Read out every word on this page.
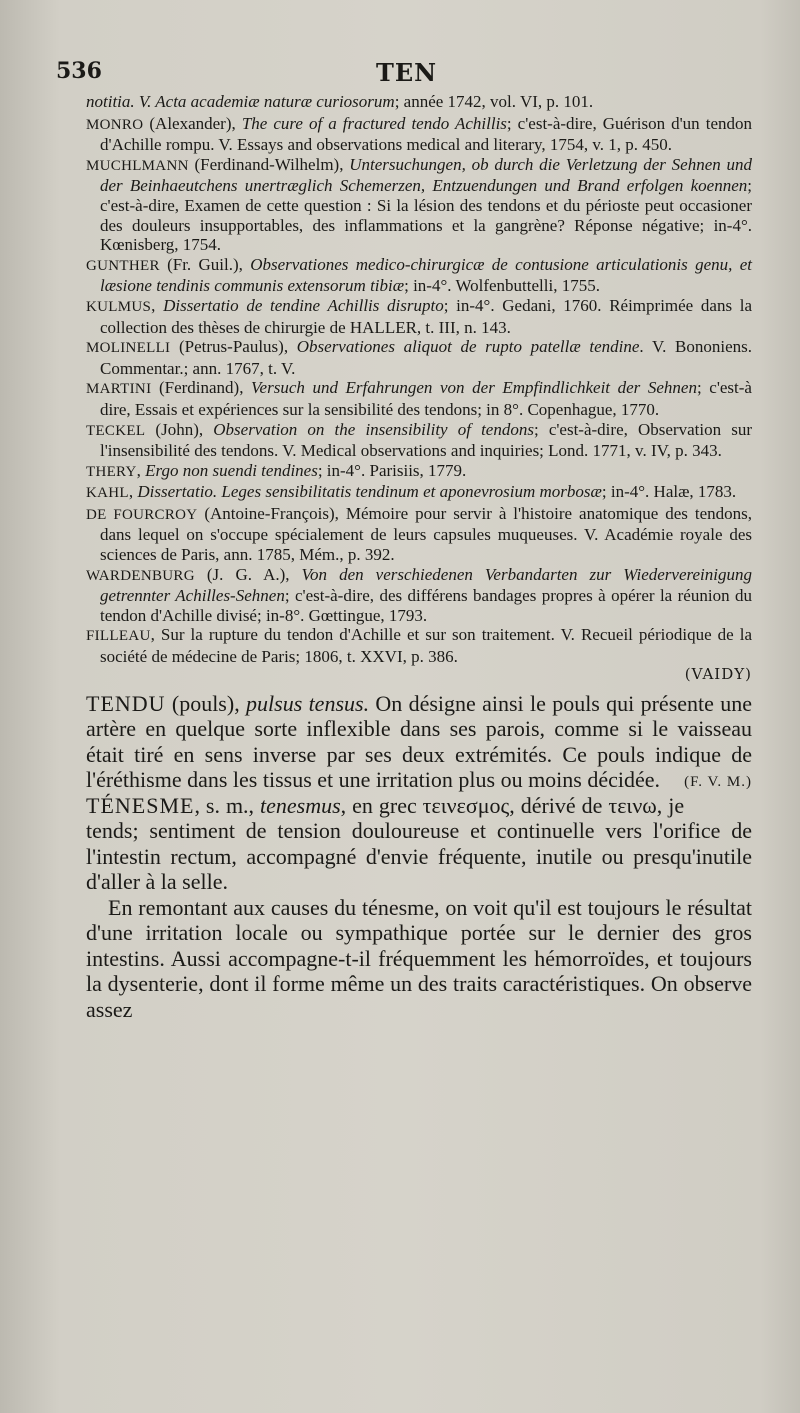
536	TEN

notitia. V. Acta academiæ naturæ curiosorum; année 1742, vol. VI, p. 101.

MONRO (Alexander), The cure of a fractured tendo Achillis; c'est-à-dire, Guérison d'un tendon d'Achille rompu. V. Essays and observations medical and literary, 1754, v. 1, p. 450.

MUCHLMANN (Ferdinand-Wilhelm), Untersuchungen, ob durch die Verletzung der Sehnen und der Beinhaeutchens unertræglich Schemerzen, Entzuendungen und Brand erfolgen koennen; c'est-à-dire, Examen de cette question : Si la lésion des tendons et du périoste peut occasioner des douleurs insupportables, des inflammations et la gangrène? Réponse négative; in-4°. Kœnisberg, 1754.

GUNTHER (Fr. Guil.), Observationes medico-chirurgicæ de contusione articulationis genu, et læsione tendinis communis extensorum tibiæ; in-4°. Wolfenbuttelli, 1755.

KULMUS, Dissertatio de tendine Achillis disrupto; in-4°. Gedani, 1760. Réimprimée dans la collection des thèses de chirurgie de HALLER, t. III, n. 143.

MOLINELLI (Petrus-Paulus), Observationes aliquot de rupto patellæ tendine. V. Bononiens. Commentar.; ann. 1767, t. V.

MARTINI (Ferdinand), Versuch und Erfahrungen von der Empfindlichkeit der Sehnen; c'est-à dire, Essais et expériences sur la sensibilité des tendons; in 8°. Copenhague, 1770.

TECKEL (John), Observation on the insensibility of tendons; c'est-à-dire, Observation sur l'insensibilité des tendons. V. Medical observations and inquiries; Lond. 1771, v. IV, p. 343.

THERY, Ergo non suendi tendines; in-4°. Parisiis, 1779.

KAHL, Dissertatio. Leges sensibilitatis tendinum et aponevrosium morbosæ; in-4°. Halæ, 1783.

DE FOURCROY (Antoine-François), Mémoire pour servir à l'histoire anatomique des tendons, dans lequel on s'occupe spécialement de leurs capsules muqueuses. V. Académie royale des sciences de Paris, ann. 1785, Mém., p. 392.

WARDENBURG (J. G. A.), Von den verschiedenen Verbandarten zur Wiedervereinigung getrennter Achilles-Sehnen; c'est-à-dire, des différens bandages propres à opérer la réunion du tendon d'Achille divisé; in-8°. Gœttingue, 1793.

FILLEAU, Sur la rupture du tendon d'Achille et sur son traitement. V. Recueil périodique de la société de médecine de Paris; 1806, t. XXVI, p. 386.

(VAIDY)

TENDU (pouls), pulsus tensus. On désigne ainsi le pouls qui présente une artère en quelque sorte inflexible dans ses parois, comme si le vaisseau était tiré en sens inverse par ses deux extrémités. Ce pouls indique de l'éréthisme dans les tissus et une irritation plus ou moins décidée. (F. V. M.)

TÉNESME, s. m., tenesmus, en grec τεινεσμος, dérivé de τεινω, je tends; sentiment de tension douloureuse et continuelle vers l'orifice de l'intestin rectum, accompagné d'envie fréquente, inutile ou presqu'inutile d'aller à la selle.

En remontant aux causes du ténesme, on voit qu'il est toujours le résultat d'une irritation locale ou sympathique portée sur le dernier des gros intestins. Aussi accompagne-t-il fréquemment les hémorroïdes, et toujours la dysenterie, dont il forme même un des traits caractéristiques. On observe assez
